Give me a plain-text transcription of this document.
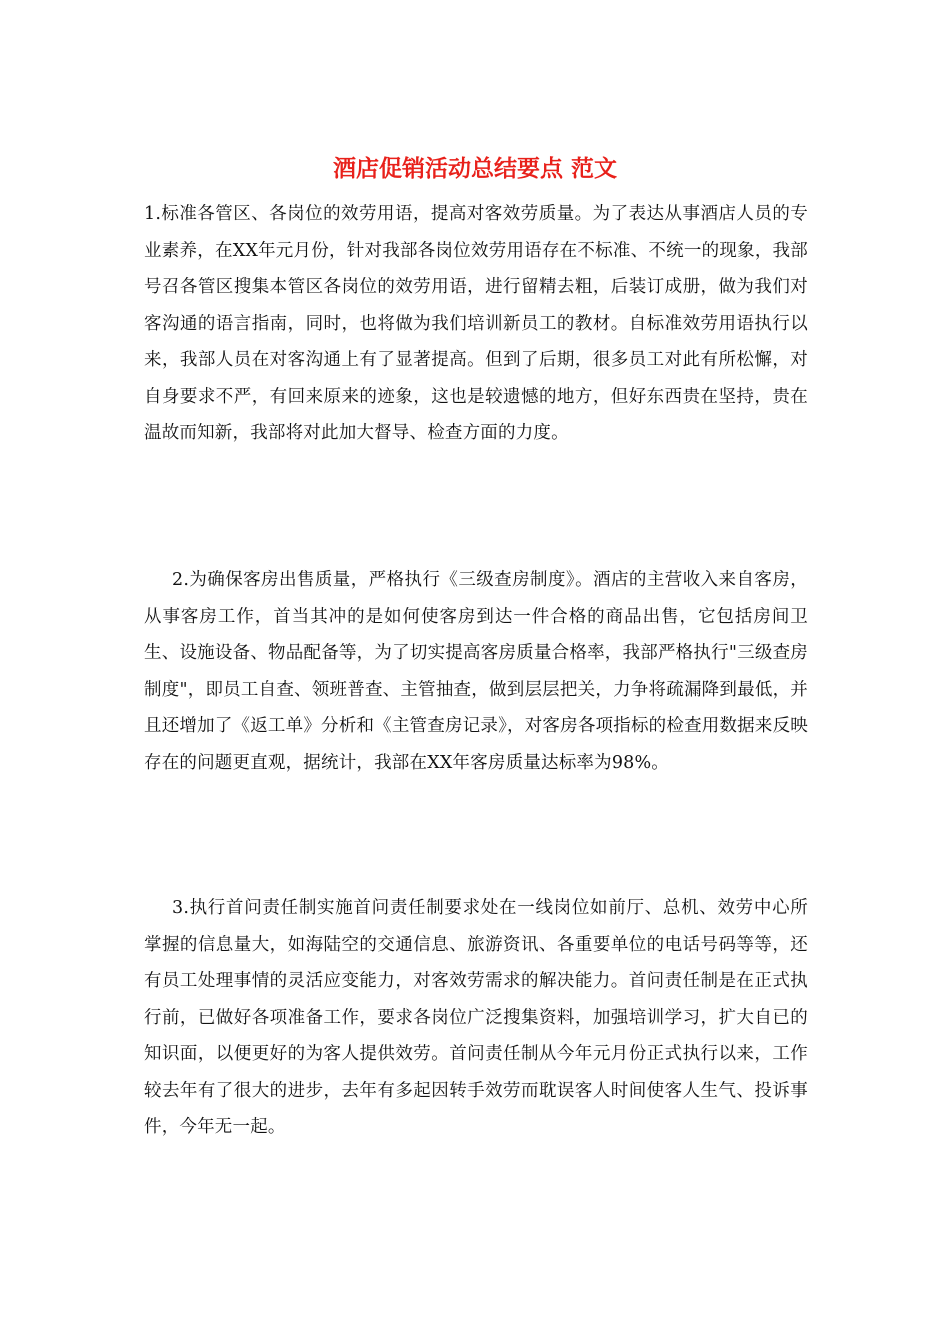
酒店促销活动总结要点 范文

1.标准各管区、各岗位的效劳用语，提高对客效劳质量。为了表达从事酒店人员的专业素养，在XX年元月份，针对我部各岗位效劳用语存在不标准、不统一的现象，我部号召各管区搜集本管区各岗位的效劳用语，进行留精去粗，后装订成册，做为我们对客沟通的语言指南，同时，也将做为我们培训新员工的教材。自标准效劳用语执行以来，我部人员在对客沟通上有了显著提高。但到了后期，很多员工对此有所松懈，对自身要求不严，有回来原来的迹象，这也是较遗憾的地方，但好东西贵在坚持，贵在温故而知新，我部将对此加大督导、检查方面的力度。

2.为确保客房出售质量，严格执行《三级查房制度》。酒店的主营收入来自客房，从事客房工作，首当其冲的是如何使客房到达一件合格的商品出售，它包括房间卫生、设施设备、物品配备等，为了切实提高客房质量合格率，我部严格执行"三级查房制度"，即员工自查、领班普查、主管抽查，做到层层把关，力争将疏漏降到最低，并且还增加了《返工单》分析和《主管查房记录》，对客房各项指标的检查用数据来反映存在的问题更直观，据统计，我部在XX年客房质量达标率为98%。

3.执行首问责任制实施首问责任制要求处在一线岗位如前厅、总机、效劳中心所掌握的信息量大，如海陆空的交通信息、旅游资讯、各重要单位的电话号码等等，还有员工处理事情的灵活应变能力，对客效劳需求的解决能力。首问责任制是在正式执行前，已做好各项准备工作，要求各岗位广泛搜集资料，加强培训学习，扩大自已的知识面，以便更好的为客人提供效劳。首问责任制从今年元月份正式执行以来，工作较去年有了很大的进步，去年有多起因转手效劳而耽误客人时间使客人生气、投诉事件，今年无一起。
